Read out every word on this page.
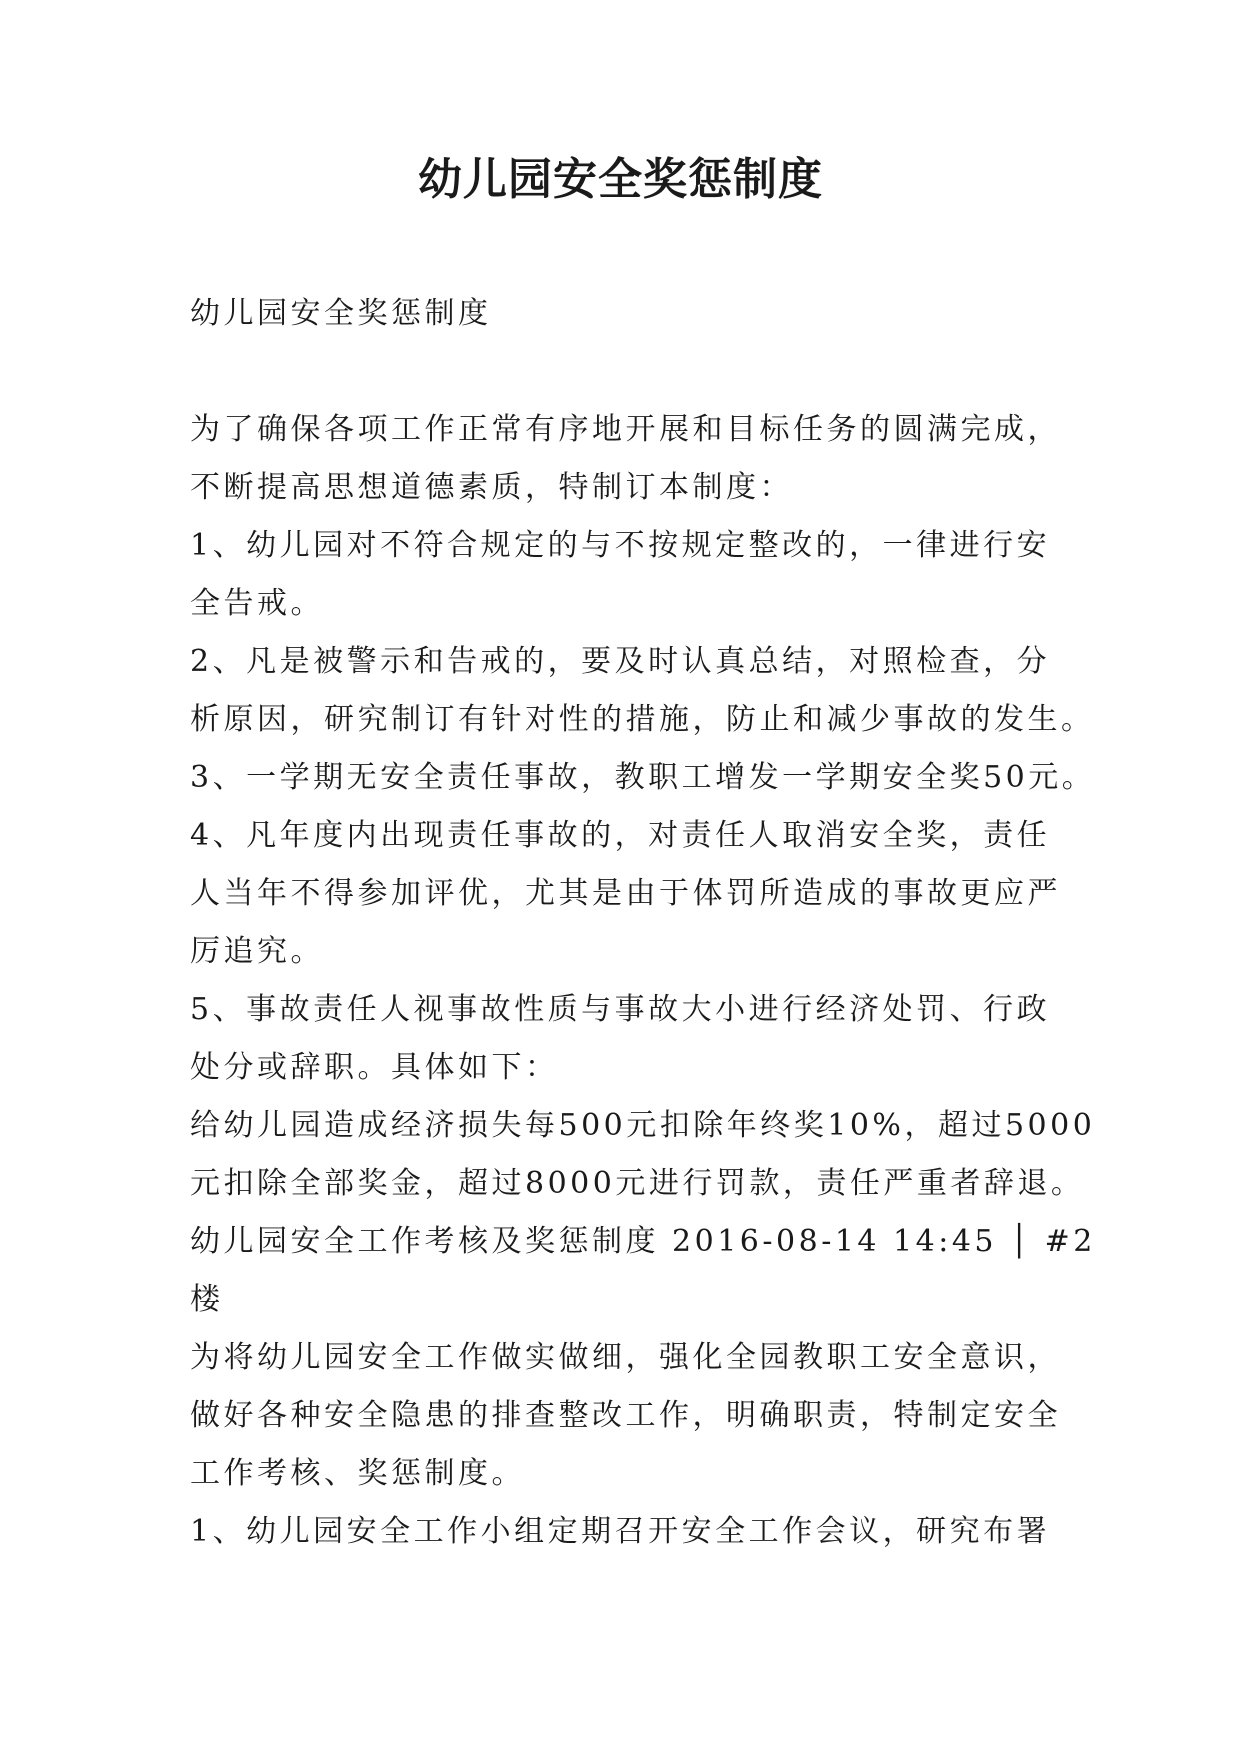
幼儿园安全奖惩制度

幼儿园安全奖惩制度

为了确保各项工作正常有序地开展和目标任务的圆满完成，

不断提高思想道德素质，特制订本制度：

1、幼儿园对不符合规定的与不按规定整改的，一律进行安

全告戒。

2、凡是被警示和告戒的，要及时认真总结，对照检查，分

析原因，研究制订有针对性的措施，防止和减少事故的发生。

3、一学期无安全责任事故，教职工增发一学期安全奖50元。

4、凡年度内出现责任事故的，对责任人取消安全奖，责任

人当年不得参加评优，尤其是由于体罚所造成的事故更应严

厉追究。

5、事故责任人视事故性质与事故大小进行经济处罚、行政

处分或辞职。具体如下：

给幼儿园造成经济损失每500元扣除年终奖10%，超过5000

元扣除全部奖金，超过8000元进行罚款，责任严重者辞退。

幼儿园安全工作考核及奖惩制度 2016-08-14 14:45 │ #2

楼

为将幼儿园安全工作做实做细，强化全园教职工安全意识，

做好各种安全隐患的排查整改工作，明确职责，特制定安全

工作考核、奖惩制度。

1、幼儿园安全工作小组定期召开安全工作会议，研究布署
